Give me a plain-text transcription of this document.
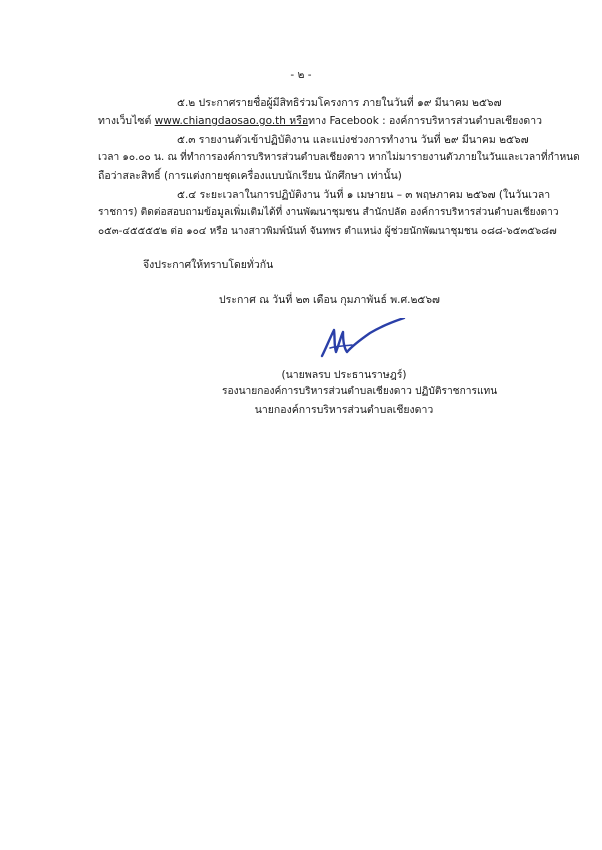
- ๒ -
๕.๒ ประกาศรายชื่อผู้มีสิทธิร่วมโครงการ ภายในวันที่ ๑๙ มีนาคม ๒๕๖๗
ทางเว็บไซต์ www.chiangdaosao.go.th หรือทาง Facebook : องค์การบริหารส่วนตำบลเชียงดาว
๕.๓ รายงานตัวเข้าปฏิบัติงาน และแบ่งช่วงการทำงาน วันที่ ๒๙ มีนาคม ๒๕๖๗
เวลา ๑๐.๐๐ น. ณ ที่ทำการองค์การบริหารส่วนตำบลเชียงดาว หากไม่มารายงานตัวภายในวันและเวลาที่กำหนด
ถือว่าสละสิทธิ์ (การแต่งกายชุดเครื่องแบบนักเรียน นักศึกษา เท่านั้น)
๕.๔ ระยะเวลาในการปฏิบัติงาน วันที่ ๑ เมษายน – ๓ พฤษภาคม ๒๕๖๗ (ในวันเวลา
ราชการ) ติดต่อสอบถามข้อมูลเพิ่มเติมได้ที่ งานพัฒนาชุมชน สำนักปลัด องค์การบริหารส่วนตำบลเชียงดาว
๐๕๓-๔๕๕๕๕๒ ต่อ ๑๐๔ หรือ นางสาวพิมพ์นันท์ จันทพร ตำแหน่ง ผู้ช่วยนักพัฒนาชุมชน ๐๘๘-๖๕๓๕๖๘๗
จึงประกาศให้ทราบโดยทั่วกัน
ประกาศ ณ วันที่ ๒๓ เดือน กุมภาพันธ์ พ.ศ.๒๕๖๗
(นายพลรบ ประธานราษฎร์)
รองนายกองค์การบริหารส่วนตำบลเชียงดาว ปฏิบัติราชการแทน
นายกองค์การบริหารส่วนตำบลเชียงดาว
